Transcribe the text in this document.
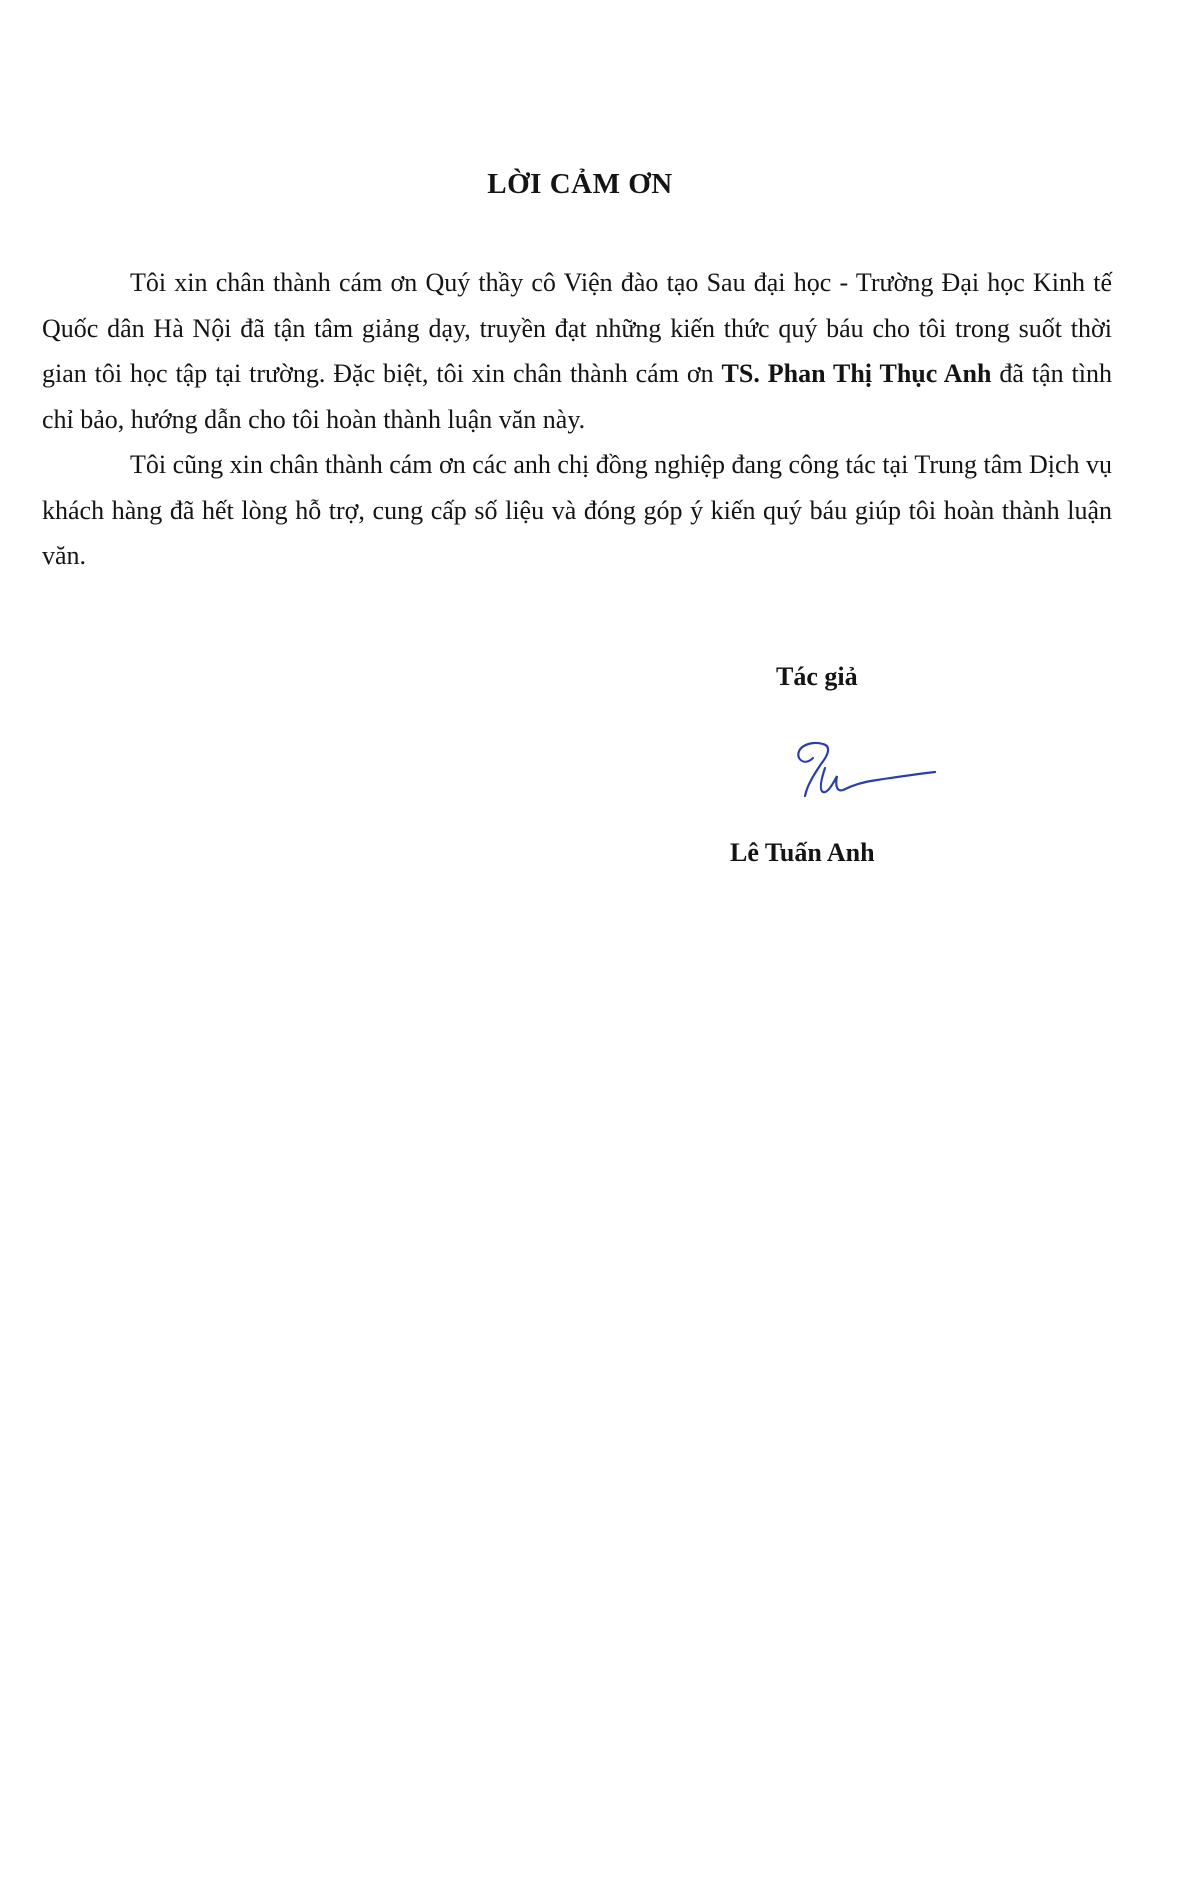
LỜI CẢM ƠN

Tôi xin chân thành cám ơn Quý thầy cô Viện đào tạo Sau đại học - Trường Đại học Kinh tế Quốc dân Hà Nội đã tận tâm giảng dạy, truyền đạt những kiến thức quý báu cho tôi trong suốt thời gian tôi học tập tại trường. Đặc biệt, tôi xin chân thành cám ơn TS. Phan Thị Thục Anh đã tận tình chỉ bảo, hướng dẫn cho tôi hoàn thành luận văn này.

Tôi cũng xin chân thành cám ơn các anh chị đồng nghiệp đang công tác tại Trung tâm Dịch vụ khách hàng đã hết lòng hỗ trợ, cung cấp số liệu và đóng góp ý kiến quý báu giúp tôi hoàn thành luận văn.

Tác giả

Lê Tuấn Anh
